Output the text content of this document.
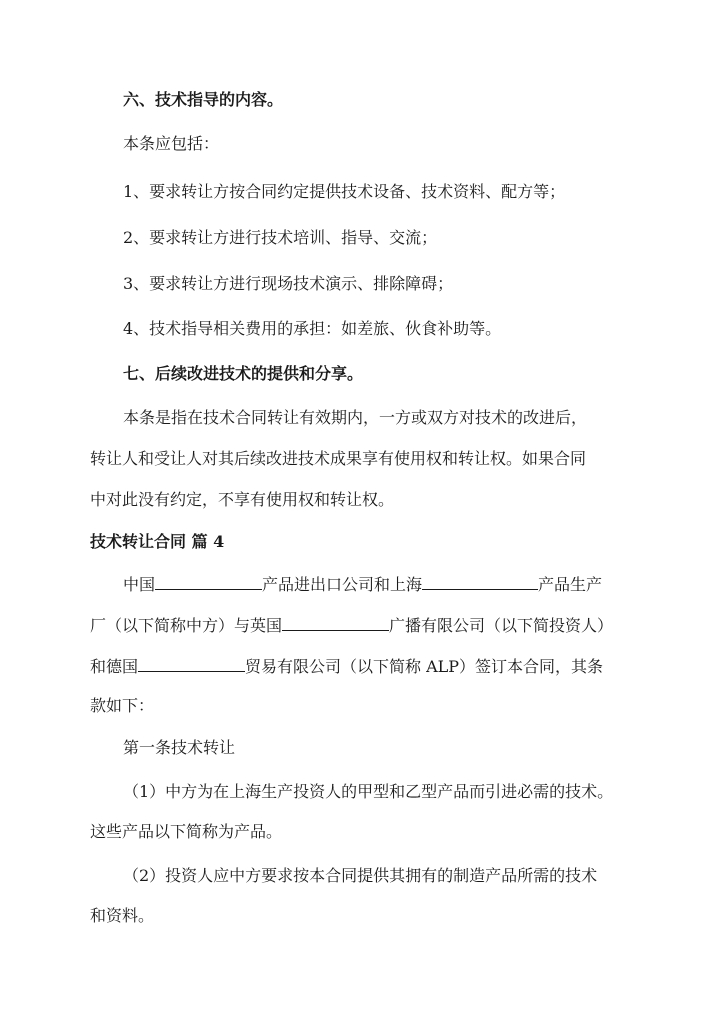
六、技术指导的内容。
本条应包括：
1、要求转让方按合同约定提供技术设备、技术资料、配方等；
2、要求转让方进行技术培训、指导、交流；
3、要求转让方进行现场技术演示、排除障碍；
4、技术指导相关费用的承担：如差旅、伙食补助等。
七、后续改进技术的提供和分享。
本条是指在技术合同转让有效期内，一方或双方对技术的改进后，
转让人和受让人对其后续改进技术成果享有使用权和转让权。如果合同
中对此没有约定，不享有使用权和转让权。
技术转让合同 篇 4
中国	产品进出口公司和上海	产品生产
厂（以下简称中方）与英国	广播有限公司（以下简投资人）
和德国	贸易有限公司（以下简称 ALP）签订本合同，其条
款如下：
第一条技术转让
（1）中方为在上海生产投资人的甲型和乙型产品而引进必需的技术。
这些产品以下简称为产品。
（2）投资人应中方要求按本合同提供其拥有的制造产品所需的技术
和资料。
